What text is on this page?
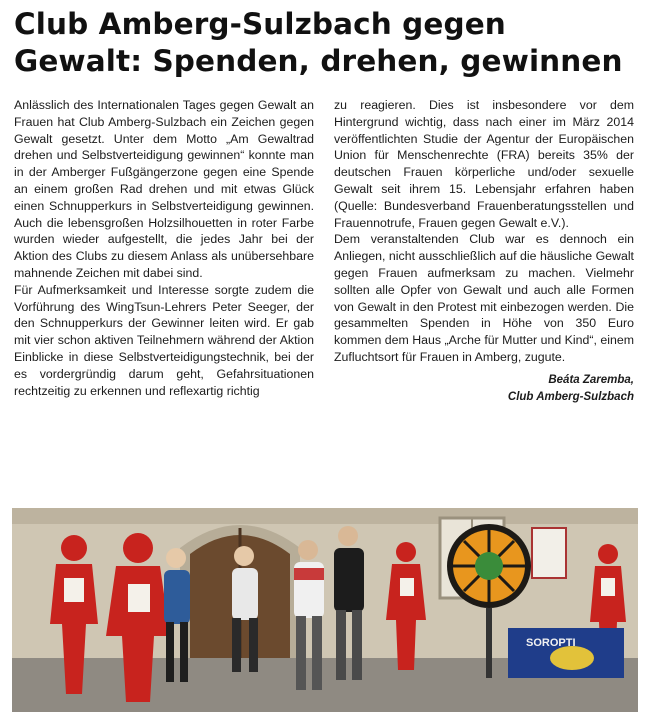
Club Amberg-Sulzbach gegen Gewalt: Spenden, drehen, gewinnen

Anlässlich des Internationalen Tages gegen Gewalt an Frauen hat Club Amberg-Sulzbach ein Zeichen gegen Gewalt gesetzt. Unter dem Motto „Am Gewaltrad drehen und Selbstverteidigung gewinnen“ konnte man in der Amberger Fußgängerzone gegen eine Spende an einem großen Rad drehen und mit etwas Glück einen Schnupperkurs in Selbstverteidigung gewinnen. Auch die lebensgroßen Holzsilhouetten in roter Farbe wurden wieder aufgestellt, die jedes Jahr bei der Aktion des Clubs zu diesem Anlass als unübersehbare mahnende Zeichen mit dabei sind.

Für Aufmerksamkeit und Interesse sorgte zudem die Vorführung des WingTsun-Lehrers Peter Seeger, der den Schnupperkurs der Gewinner leiten wird. Er gab mit vier schon aktiven Teilnehmern während der Aktion Einblicke in diese Selbstverteidigungstechnik, bei der es vordergründig darum geht, Gefahrsituationen rechtzeitig zu erkennen und reflexartig richtig

zu reagieren. Dies ist insbesondere vor dem Hintergrund wichtig, dass nach einer im März 2014 veröffentlichten Studie der Agentur der Europäischen Union für Menschenrechte (FRA) bereits 35% der deutschen Frauen körperliche und/oder sexuelle Gewalt seit ihrem 15. Lebensjahr erfahren haben (Quelle: Bundesverband Frauenberatungsstellen und Frauennotrufe, Frauen gegen Gewalt e.V.).

Dem veranstaltenden Club war es dennoch ein Anliegen, nicht ausschließlich auf die häusliche Gewalt gegen Frauen aufmerksam zu machen. Vielmehr sollten alle Opfer von Gewalt und auch alle Formen von Gewalt in den Protest mit einbezogen werden. Die gesammelten Spenden in Höhe von 350 Euro kommen dem Haus „Arche für Mutter und Kind“, einem Zufluchtsort für Frauen in Amberg, zugute.

Beáta Zaremba,
Club Amberg-Sulzbach
SOROPTI
